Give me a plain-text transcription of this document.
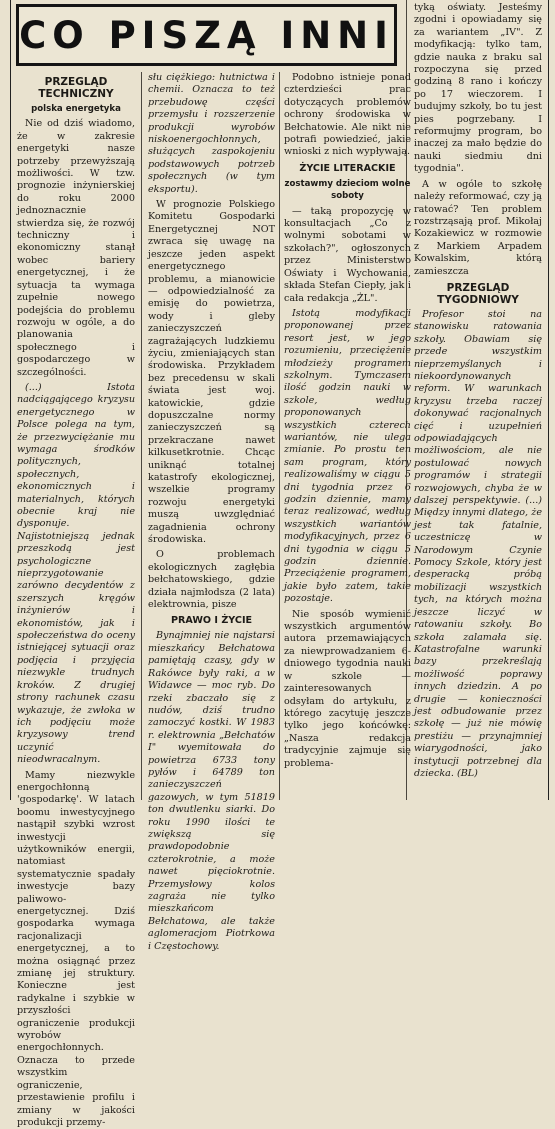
CO PISZĄ INNI
PRZEGLĄD
TECHNICZNY
polska energetyka

Nie od dziś wiadomo, że w zakresie energetyki nasze potrzeby przewyższają możliwości. W tzw. prognozie inżynierskiej do roku 2000 jednoznacznie stwierdza się, że rozwój techniczny i ekonomiczny stanął wobec bariery energetycznej, i że sytuacja ta wymaga zupełnie nowego podejścia do problemu rozwoju w ogóle, a do planowania społecznego i gospodarczego w szczególności.

(...) Istota nadciągającego kryzysu energetycznego w Polsce polega na tym, że przezwyciężanie mu wymaga środków politycznych, społecznych, ekonomicznych i materialnych, których obecnie kraj nie dysponuje. Najistotniejszą jednak przeszkodą jest psychologiczne nieprzygotowanie zarówno decydentów z szerszych kręgów inżynierów i ekonomistów, jak i społeczeństwa do oceny istniejącej sytuacji oraz podjęcia i przyjęcia niezwykle trudnych kroków. Z drugiej strony rachunek czasu wykazuje, że zwłoka w ich podjęciu może kryzysowy trend uczynić nieodwracalnym.

Mamy niezwykle energochłonną 'gospodarkę'. W latach boomu inwestycyjnego nastąpił szybki wzrost inwestycji użytkowników energii, natomiast systematycznie spadały inwestycje bazy paliwowo-energetycznej. Dziś gospodarka wymaga racjonalizacji energetycznej, a to można osiągnąć przez zmianę jej struktury. Konieczne jest radykalne i szybkie w przyszłości ograniczenie produkcji wyrobów energochłonnych. Oznacza to przede wszystkim ograniczenie, przestawienie profilu i zmiany w jakości produkcji przemy-

słu ciężkiego: hutnictwa i chemii. Oznacza to też przebudowę części przemysłu i rozszerzenie produkcji wyrobów niskoenergochłonnych, służących zaspokojeniu podstawowych potrzeb społecznych (w tym eksportu).

W prognozie Polskiego Komitetu Gospodarki Energetycznej NOT zwraca się uwagę na jeszcze jeden aspekt energetycznego problemu, a mianowicie — odpowiedzialność za emisję do powietrza, wody i gleby zanieczyszczeń zagrażających ludzkiemu życiu, zmieniających stan środowiska. Przykładem bez precedensu w skali świata jest woj. katowickie, gdzie dopuszczalne normy zanieczyszczeń są przekraczane nawet kilkusetkrotnie. Chcąc uniknąć totalnej katastrofy ekologicznej, wszelkie programy rozwoju energetyki muszą uwzględniać zagadnienia ochrony środowiska.

O problemach ekologicznych zagłębia bełchatowskiego, gdzie działa najmłodsza (2 lata) elektrownia, pisze

PRAWO I ŻYCIE

Bynajmniej nie najstarsi mieszkańcy Bełchatowa pamiętają czasy, gdy w Rakówce były raki, a w Widawce — moc ryb. Do rzeki zbaczało się z nudów, dziś trudno zamoczyć kostki. W 1983 r. elektrownia „Bełchatów I" wyemitowała do powietrza 6733 tony pyłów i 64789 ton zanieczyszczeń gazowych, w tym 51819 ton dwutlenku siarki. Do roku 1990 ilości te zwiększą się prawdopodobnie czterokrotnie, a może nawet pięciokrotnie. Przemysłowy kolos zagraża nie tylko mieszkańcom Bełchatowa, ale także aglomeracjom Piotrkowa i Częstochowy.

Podobno istnieje ponad czterdzieści prac dotyczących problemów ochrony środowiska w Bełchatowie. Ale nikt nie potrafi powiedzieć, jakie wnioski z nich wypływają.

ŻYCIE LITERACKIE
zostawmy dzieciom wolne soboty

— taką propozycję w konsultacjach „Co z wolnymi sobotami w szkołach?", ogłoszonych przez Ministerstwo Oświaty i Wychowania, składa Stefan Ciepły, jak i cała redakcja „ŻL".

Istotą modyfikacji proponowanej przez resort jest, w jego rozumieniu, przeciężenie młodzieży programem szkolnym. Tymczasem ilość godzin nauki w szkole, według proponowanych wszystkich czterech wariantów, nie ulega zmianie. Po prostu ten sam program, który realizowaliśmy w ciągu 5 dni tygodnia przez 6 godzin dziennie, mamy teraz realizować, według wszystkich wariantów modyfikacyjnych, przez 6 dni tygodnia w ciągu 5 godzin dziennie. Przeciążenie programem, jakie było zatem, takie pozostaje.

Nie sposób wymienić wszystkich argumentów autora przemawiających za niewprowadzaniem 6-dniowego tygodnia nauki w szkole — zainteresowanych odsyłam do artykułu, z którego zacytuję jeszcze tylko jego końcówkę: „Nasza redakcja tradycyjnie zajmuje się problema-

tyką oświaty. Jesteśmy zgodni i opowiadamy się za wariantem „IV". Z modyfikacją: tylko tam, gdzie nauka z braku sal rozpoczyna się przed godziną 8 rano i kończy po 17 wieczorem. I budujmy szkoły, bo tu jest pies pogrzebany. I reformujmy program, bo inaczej za mało będzie do nauki siedmiu dni tygodnia".

A w ogóle to szkołę należy reformować, czy ją ratować? Ten problem rozstrząsają prof. Mikołaj Kozakiewicz w rozmowie z Markiem Arpadem Kowalskim, którą zamieszcza

PRZEGLĄD
TYGODNIOWY

Profesor stoi na stanowisku ratowania szkoły. Obawiam się przede wszystkim nieprzemyślanych i niekoordynowanych reform. W warunkach kryzysu trzeba raczej dokonywać racjonalnych cięć i uzupełnień odpowiadających możliwościom, ale nie postulować nowych programów i strategii rozwojowych, chyba że w dalszej perspektywie. (...) Między innymi dlatego, że jest tak fatalnie, uczestniczę w Narodowym Czynie Pomocy Szkole, który jest desperacką próbą mobilizacji wszystkich tych, na których można jeszcze liczyć w ratowaniu szkoły. Bo szkoła zalamała się. Katastrofalne warunki bazy przekreślają możliwość poprawy innych dziedzin. A po drugie — konieczności jest odbudowanie przez szkołę — już nie mówię prestiżu — przynajmniej wiarygodności, jako instytucji potrzebnej dla dziecka. (BL)
